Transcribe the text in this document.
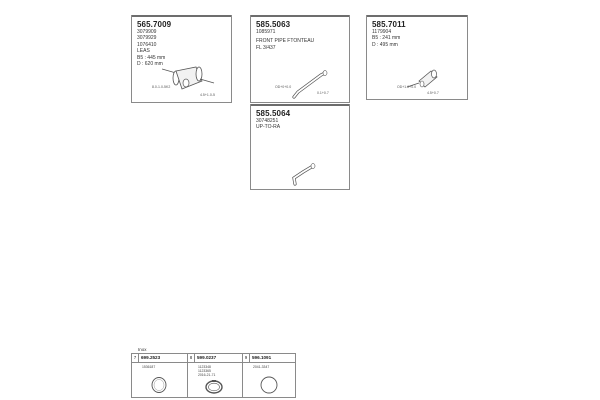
565.7009
3079909
3079929
1076410
LEAS
B5 : 445 mm
D : 620 mm
8.0-1.0-5K2
4.5+1.0-5
585.5063
1085971
FRONT PIPE FTONTEAU
FL 3/437
OD+0+0.0
0.1+0.7
585.7011
1179904
B5 : 241 mm
D : 495 mm
OD+1.0+0.0
4.5+0.7
585.5064
30748251
UP-TO-RA
Inox
7	699.2523
1536187
8	599.0237
1123348
1123365
2016-21-71
9	596.1091
2041-3347
